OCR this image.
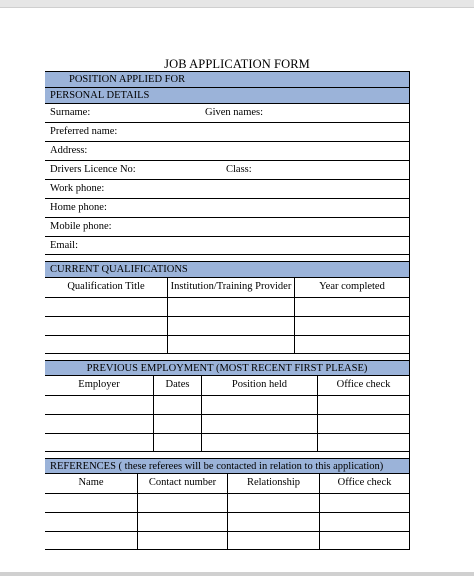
JOB APPLICATION FORM
POSITION APPLIED FOR
PERSONAL DETAILS
Surname:	Given names:
Preferred name:
Address:
Drivers Licence No:	Class:
Work phone:
Home phone:
Mobile phone:
Email:
CURRENT QUALIFICATIONS
Qualification Title	Institution/Training Provider	Year completed
PREVIOUS EMPLOYMENT (MOST RECENT FIRST PLEASE)
Employer	Dates	Position held	Office check
REFERENCES ( these referees will be contacted in relation to this application)
Name	Contact number	Relationship	Office check
